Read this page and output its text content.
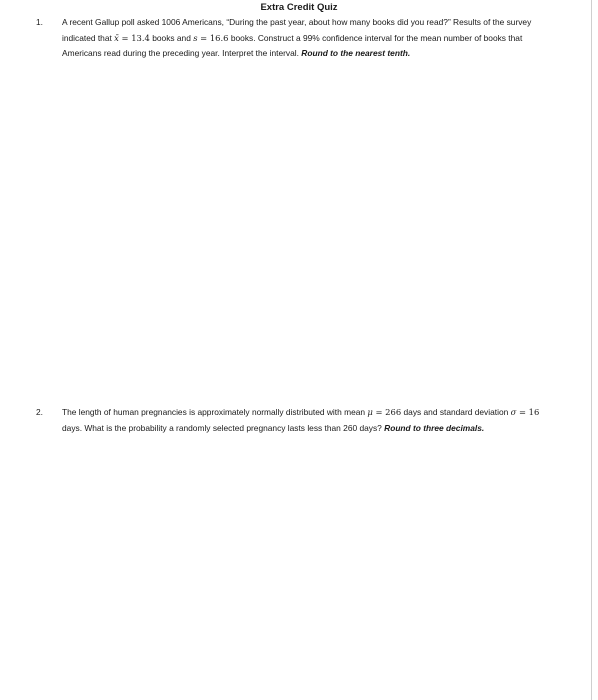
Extra Credit Quiz
1.	A recent Gallup poll asked 1006 Americans, “During the past year, about how many books did you read?” Results of the survey indicated that x̄ = 13.4 books and s = 16.6 books. Construct a 99% confidence interval for the mean number of books that Americans read during the preceding year. Interpret the interval. Round to the nearest tenth.
2.	The length of human pregnancies is approximately normally distributed with mean μ = 266 days and standard deviation σ = 16 days. What is the probability a randomly selected pregnancy lasts less than 260 days? Round to three decimals.
